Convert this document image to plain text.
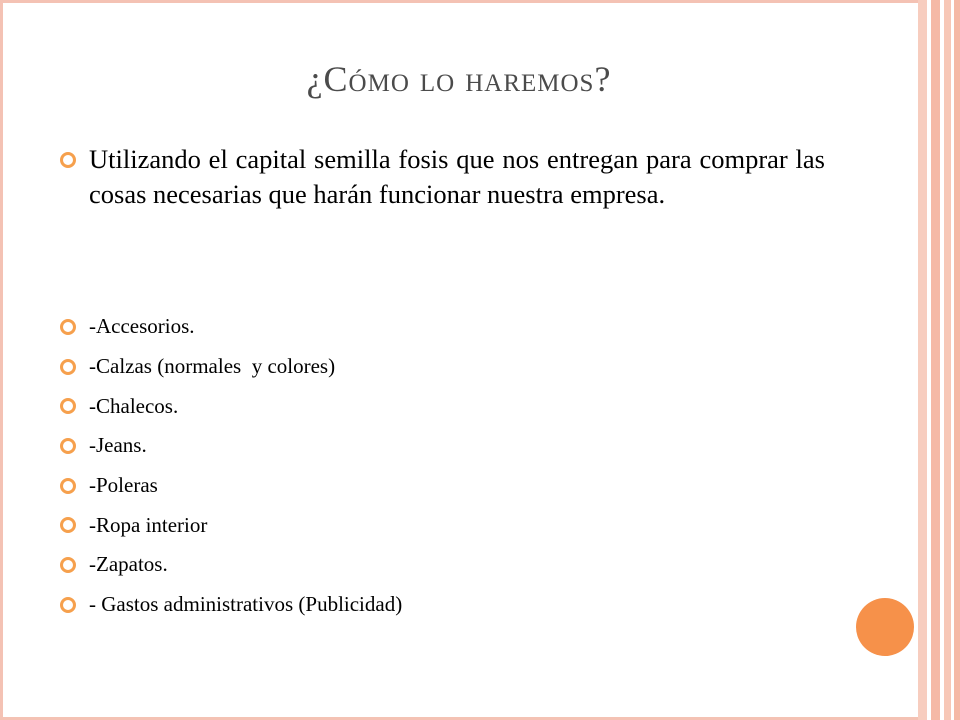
¿Cómo lo haremos?

Utilizando el capital semilla fosis que nos entregan para comprar las cosas necesarias que harán funcionar nuestra empresa.

-Accesorios.
-Calzas (normales  y colores)
-Chalecos.
-Jeans.
-Poleras
-Ropa interior
-Zapatos.
- Gastos administrativos (Publicidad)
